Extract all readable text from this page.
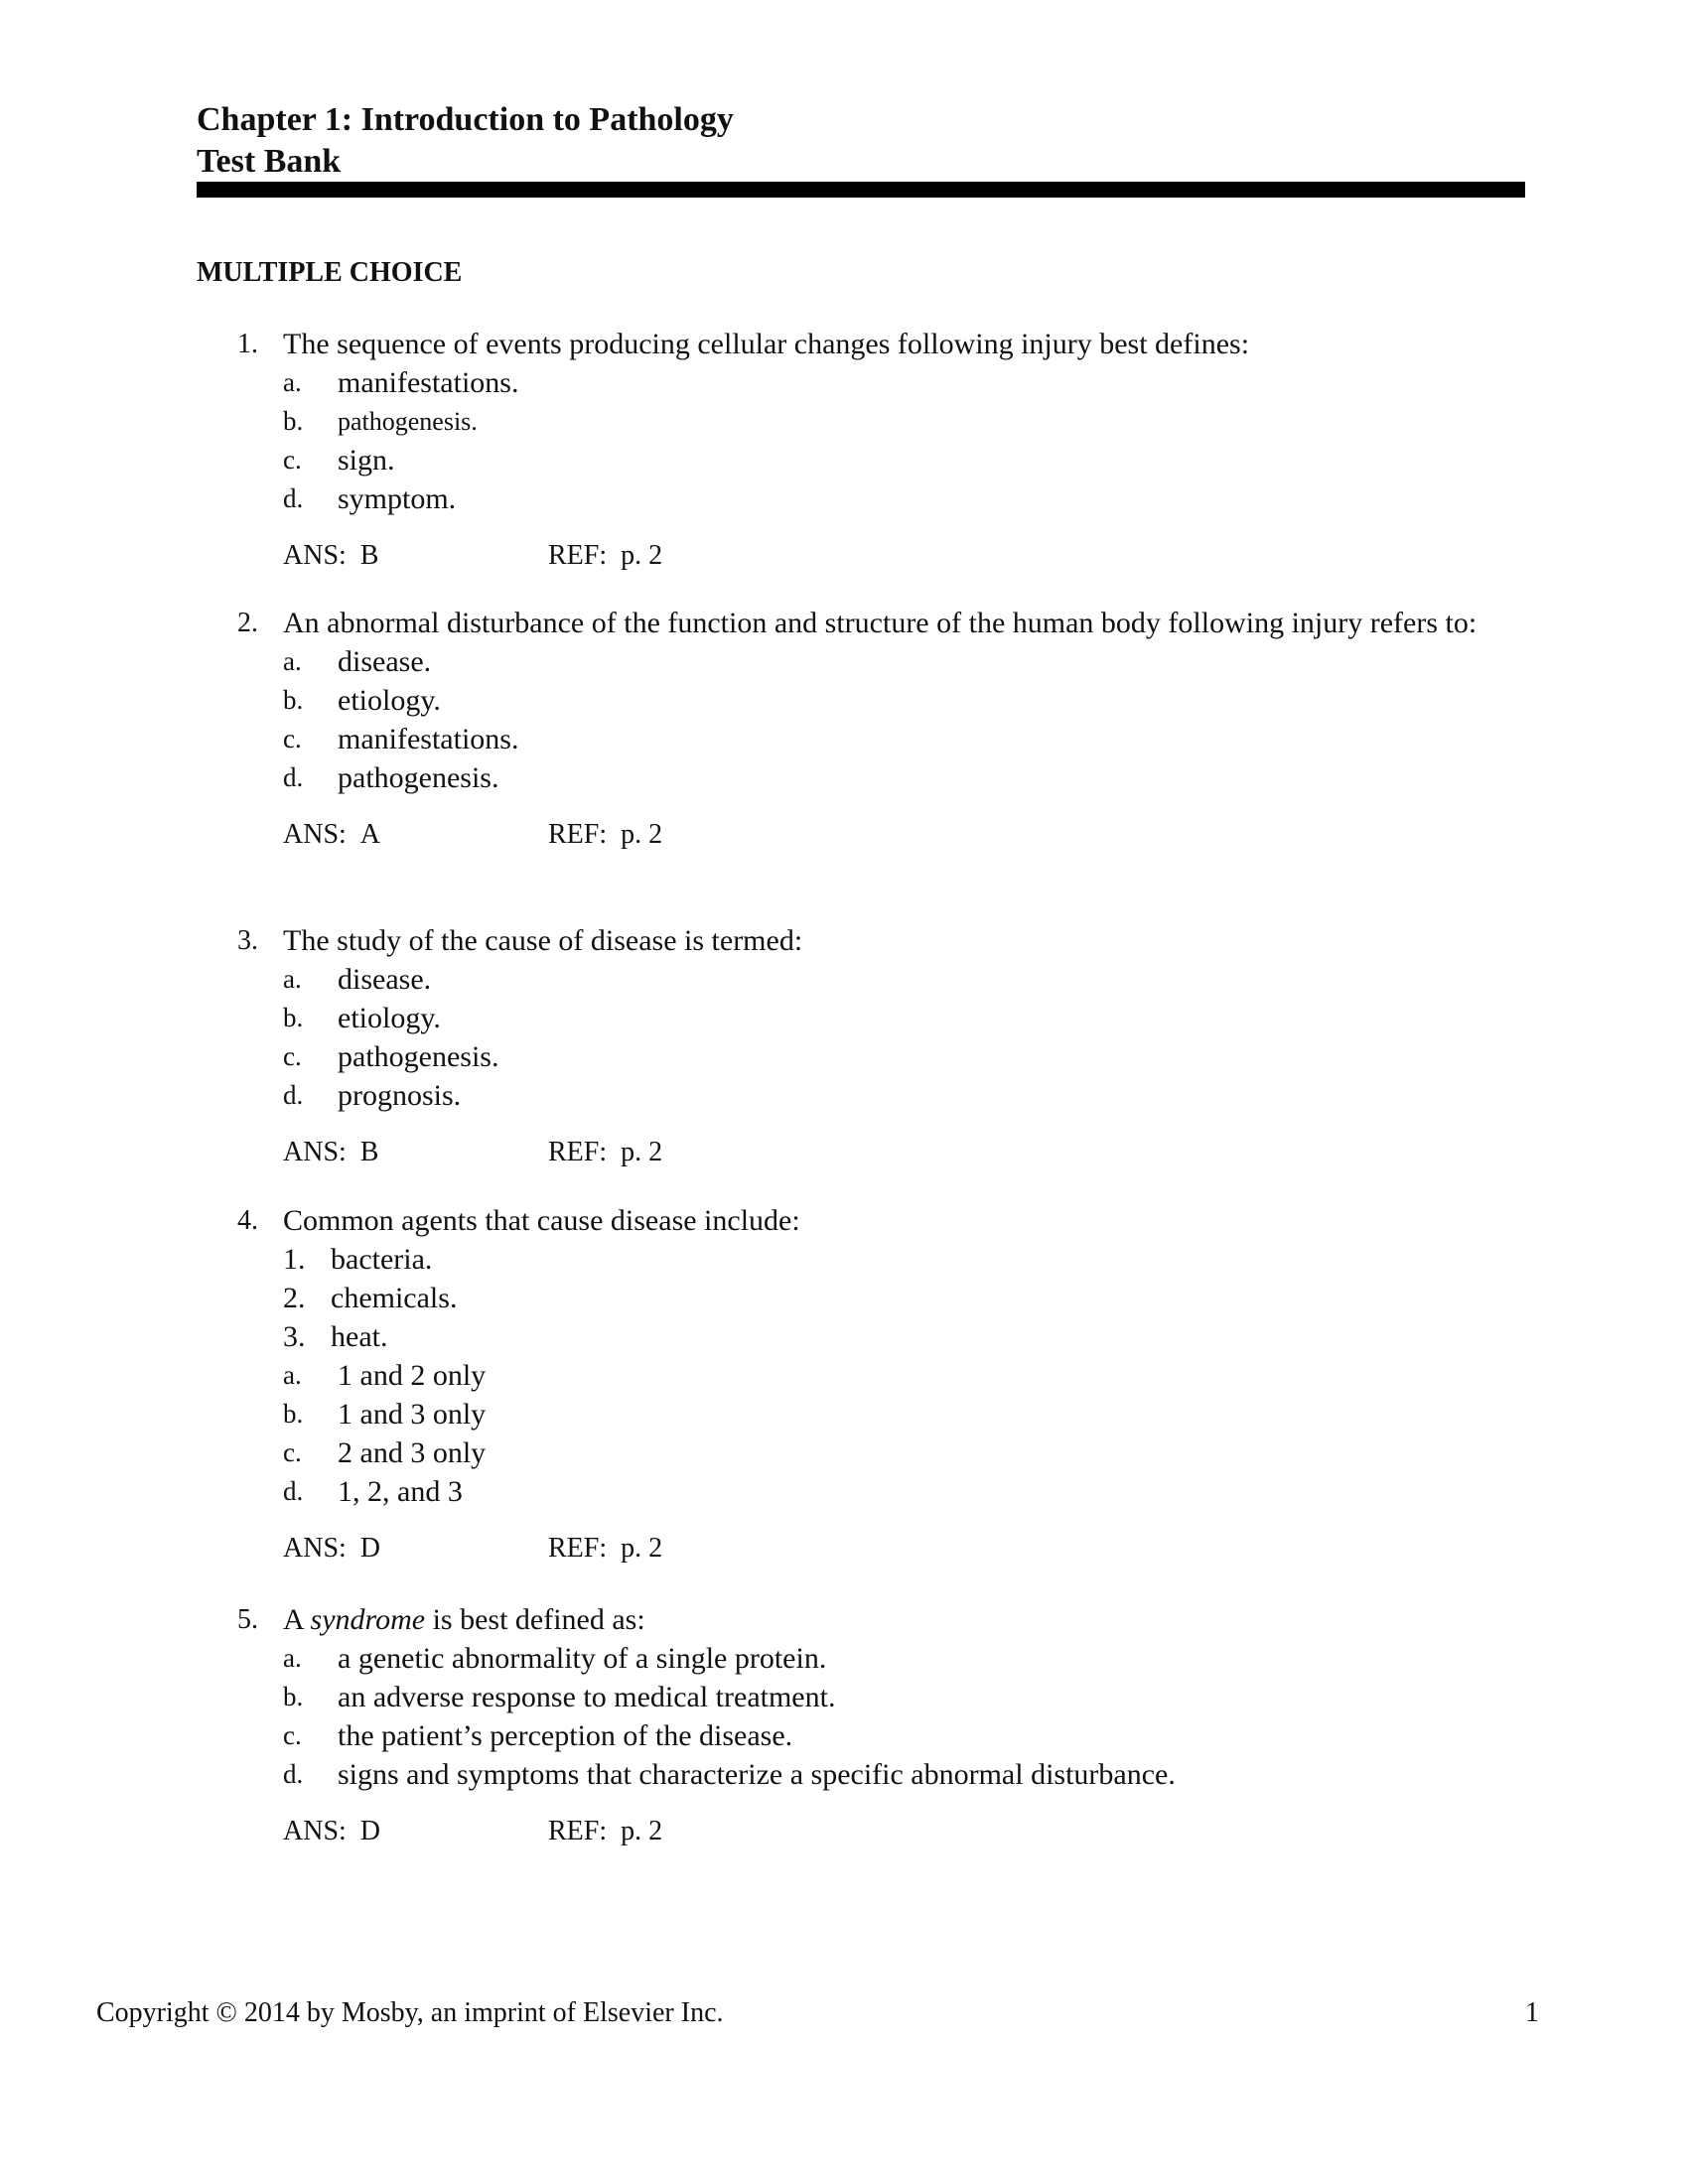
Chapter 1: Introduction to Pathology
Test Bank
MULTIPLE CHOICE
1. The sequence of events producing cellular changes following injury best defines:
a.	manifestations.
b.	pathogenesis.
c.	sign.
d.	symptom.
ANS: B	REF: p. 2
2. An abnormal disturbance of the function and structure of the human body following injury refers to:
a.	disease.
b.	etiology.
c.	manifestations.
d.	pathogenesis.
ANS: A	REF: p. 2
3. The study of the cause of disease is termed:
a.	disease.
b.	etiology.
c.	pathogenesis.
d.	prognosis.
ANS: B	REF: p. 2
4. Common agents that cause disease include:
1. bacteria.
2. chemicals.
3. heat.
a.	1 and 2 only
b.	1 and 3 only
c.	2 and 3 only
d.	1, 2, and 3
ANS: D	REF: p. 2
5. A syndrome is best defined as:
a.	a genetic abnormality of a single protein.
b.	an adverse response to medical treatment.
c.	the patient’s perception of the disease.
d.	signs and symptoms that characterize a specific abnormal disturbance.
ANS: D	REF: p. 2
Copyright © 2014 by Mosby, an imprint of Elsevier Inc.	1
